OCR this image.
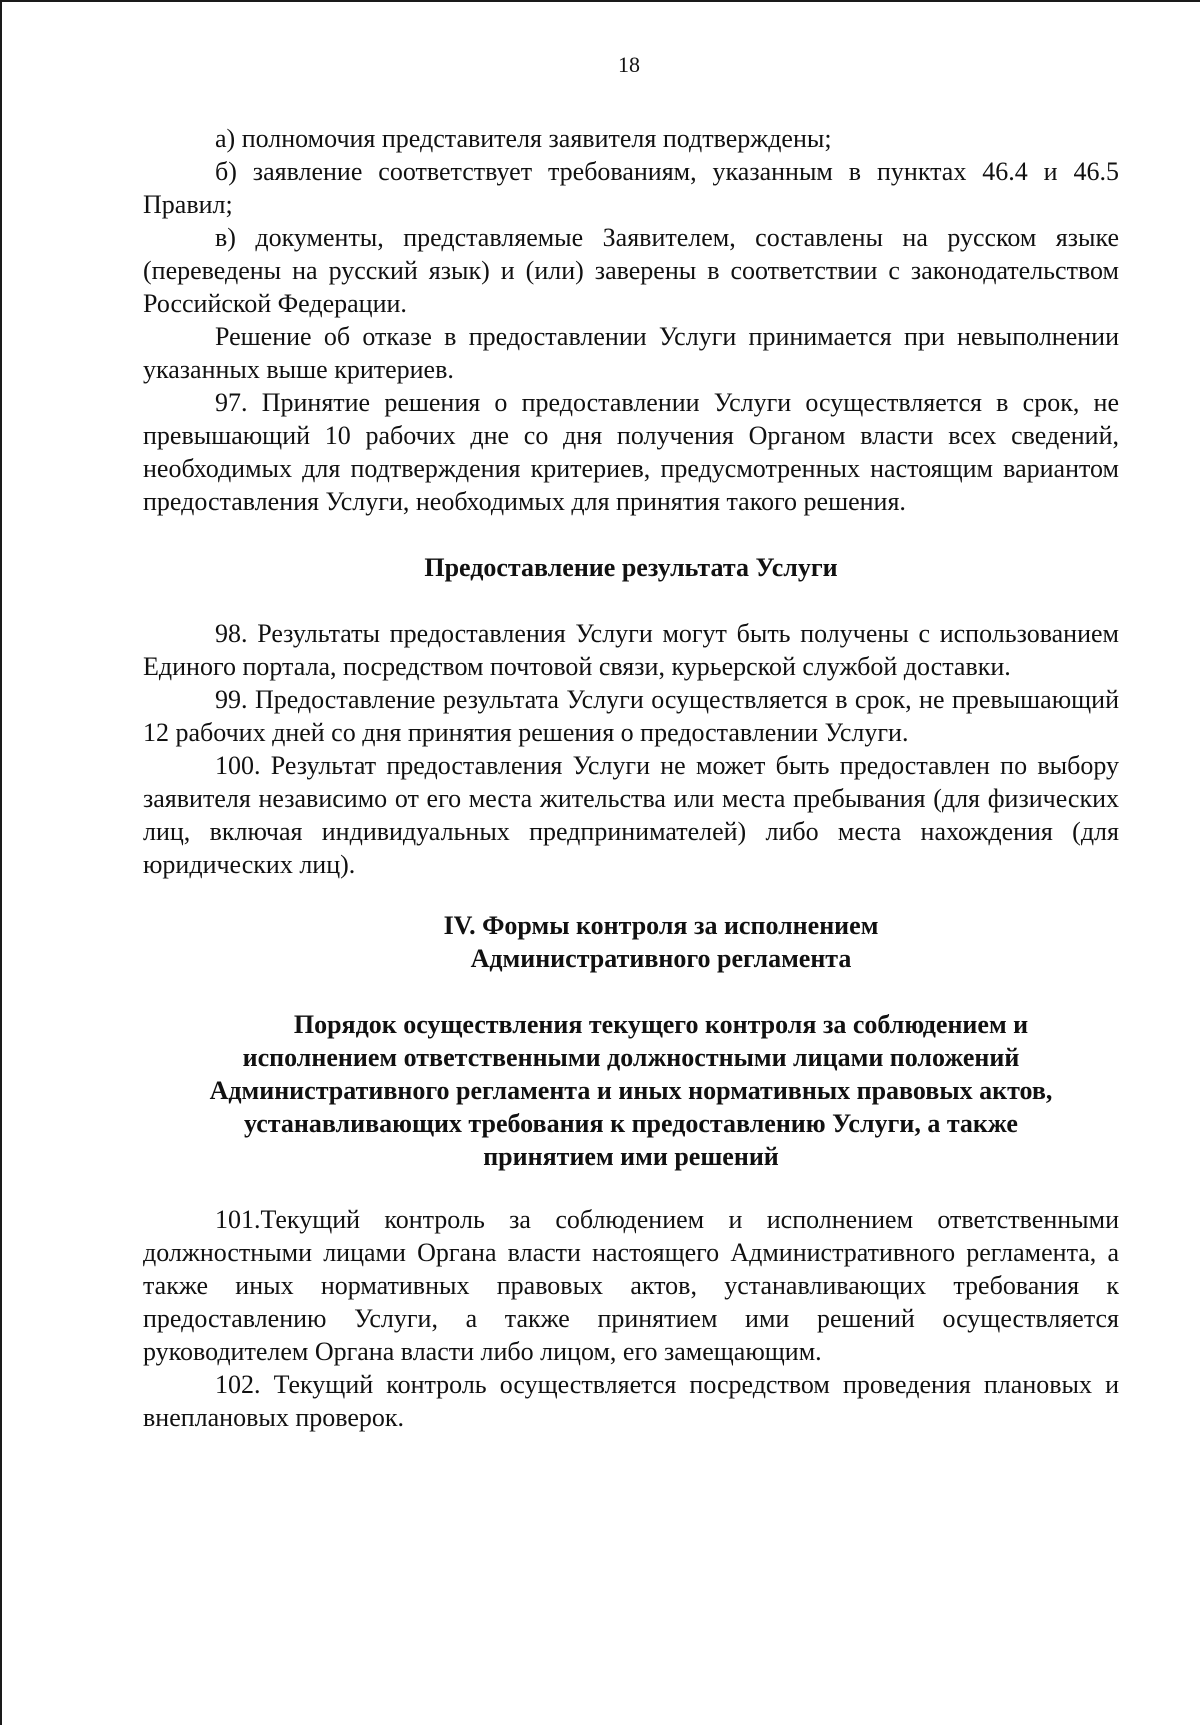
18

а) полномочия представителя заявителя подтверждены;

б) заявление соответствует требованиям, указанным в пунктах 46.4 и 46.5 Правил;

в) документы, представляемые Заявителем, составлены на русском языке (переведены на русский язык) и (или) заверены в соответствии с законодательством Российской Федерации.

Решение об отказе в предоставлении Услуги принимается при невыполнении указанных выше критериев.

97. Принятие решения о предоставлении Услуги осуществляется в срок, не превышающий 10 рабочих дне со дня получения Органом власти всех сведений, необходимых для подтверждения критериев, предусмотренных настоящим вариантом предоставления Услуги, необходимых для принятия такого решения.

Предоставление результата Услуги

98. Результаты предоставления Услуги могут быть получены с использованием Единого портала, посредством почтовой связи, курьерской службой доставки.

99. Предоставление результата Услуги осуществляется в срок, не превышающий 12 рабочих дней со дня принятия решения о предоставлении Услуги.

100. Результат предоставления Услуги не может быть предоставлен по выбору заявителя независимо от его места жительства или места пребывания (для физических лиц, включая индивидуальных предпринимателей) либо места нахождения (для юридических лиц).

IV. Формы контроля за исполнением
Административного регламента
Порядок осуществления текущего контроля за соблюдением и
исполнением ответственными должностными лицами положений
Административного регламента и иных нормативных правовых актов,
устанавливающих требования к предоставлению Услуги, а также
принятием ими решений

101.Текущий контроль за соблюдением и исполнением ответственными должностными лицами Органа власти настоящего Административного регламента, а также иных нормативных правовых актов, устанавливающих требования к предоставлению Услуги, а также принятием ими решений осуществляется руководителем Органа власти либо лицом, его замещающим.

102. Текущий контроль осуществляется посредством проведения плановых и внеплановых проверок.
